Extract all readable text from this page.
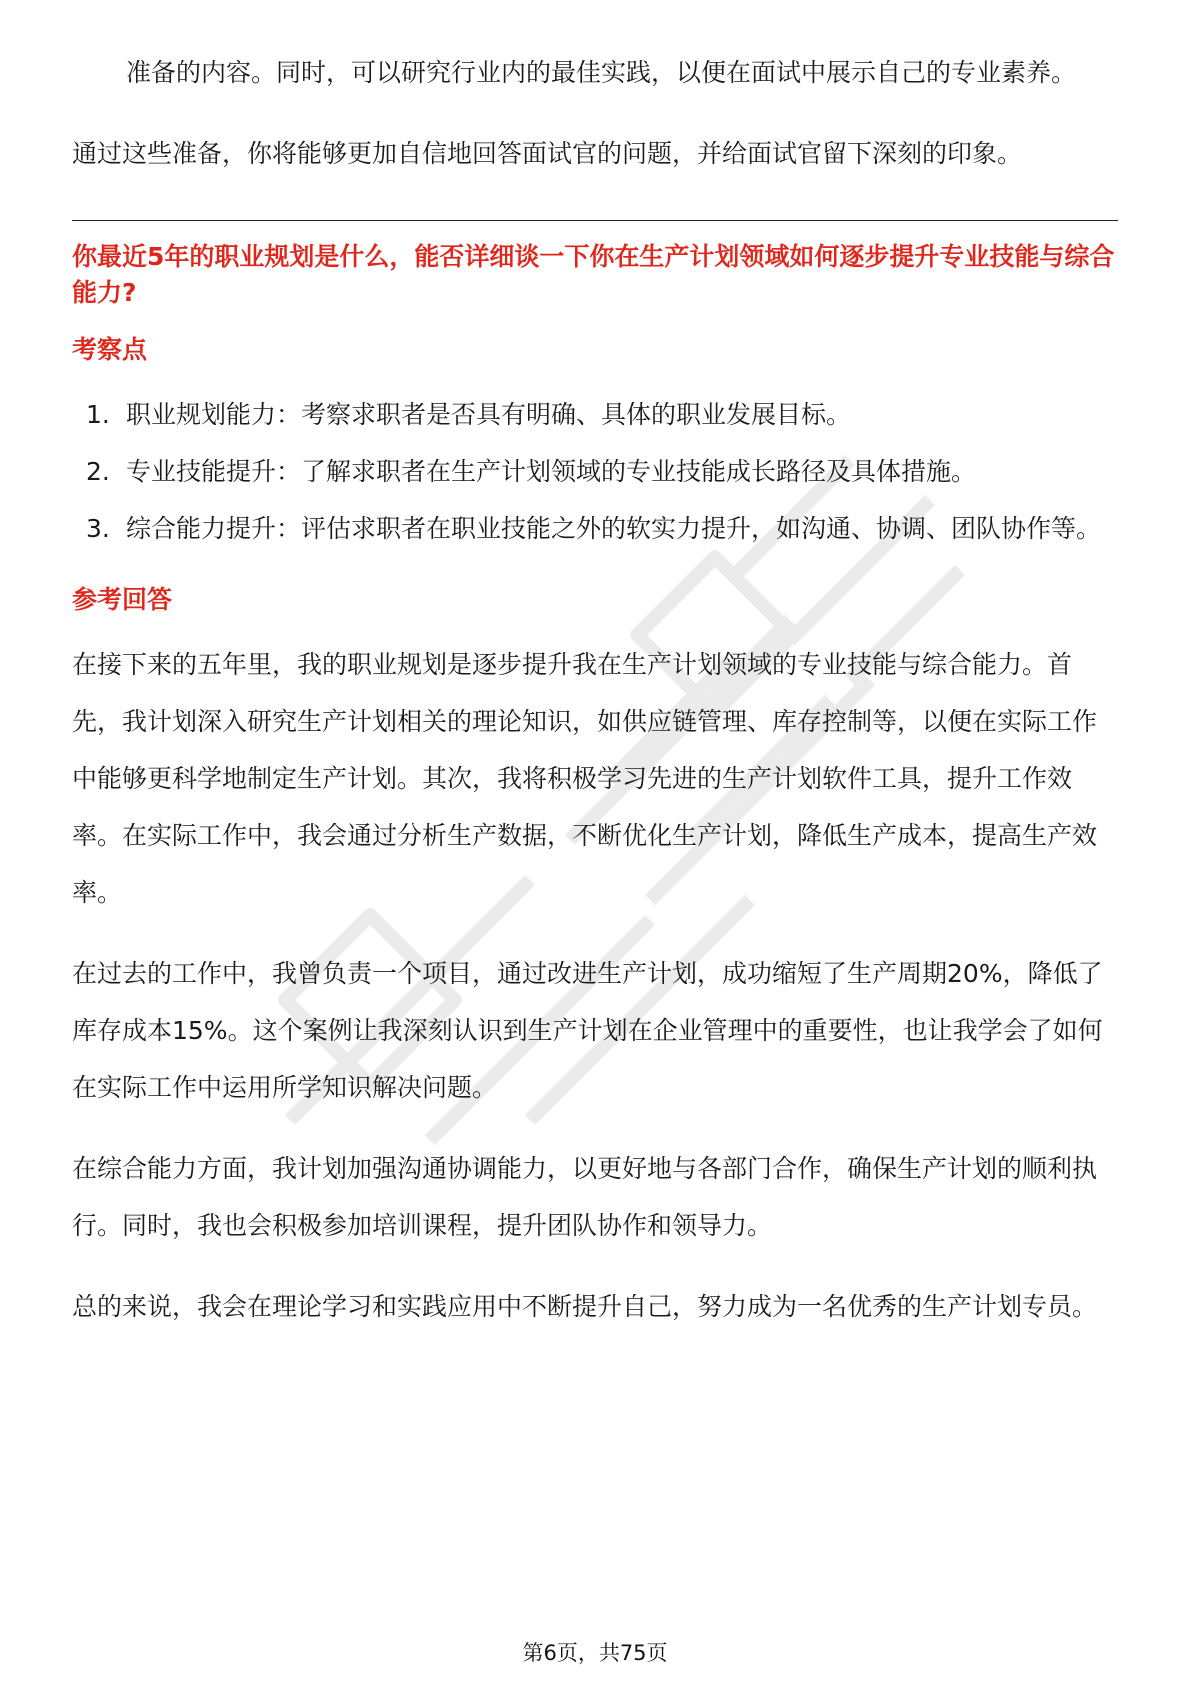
准备的内容。同时，可以研究行业内的最佳实践，以便在面试中展示自己的专业素养。

通过这些准备，你将能够更加自信地回答面试官的问题，并给面试官留下深刻的印象。

你最近5年的职业规划是什么，能否详细谈一下你在生产计划领域如何逐步提升专业技能与综合能力?

考察点

1. 职业规划能力：考察求职者是否具有明确、具体的职业发展目标。
2. 专业技能提升：了解求职者在生产计划领域的专业技能成长路径及具体措施。
3. 综合能力提升：评估求职者在职业技能之外的软实力提升，如沟通、协调、团队协作等。

参考回答

在接下来的五年里，我的职业规划是逐步提升我在生产计划领域的专业技能与综合能力。首先，我计划深入研究生产计划相关的理论知识，如供应链管理、库存控制等，以便在实际工作中能够更科学地制定生产计划。其次，我将积极学习先进的生产计划软件工具，提升工作效率。在实际工作中，我会通过分析生产数据，不断优化生产计划，降低生产成本，提高生产效率。

在过去的工作中，我曾负责一个项目，通过改进生产计划，成功缩短了生产周期20%，降低了库存成本15%。这个案例让我深刻认识到生产计划在企业管理中的重要性，也让我学会了如何在实际工作中运用所学知识解决问题。

在综合能力方面，我计划加强沟通协调能力，以更好地与各部门合作，确保生产计划的顺利执行。同时，我也会积极参加培训课程，提升团队协作和领导力。

总的来说，我会在理论学习和实践应用中不断提升自己，努力成为一名优秀的生产计划专员。

第6页，共75页
